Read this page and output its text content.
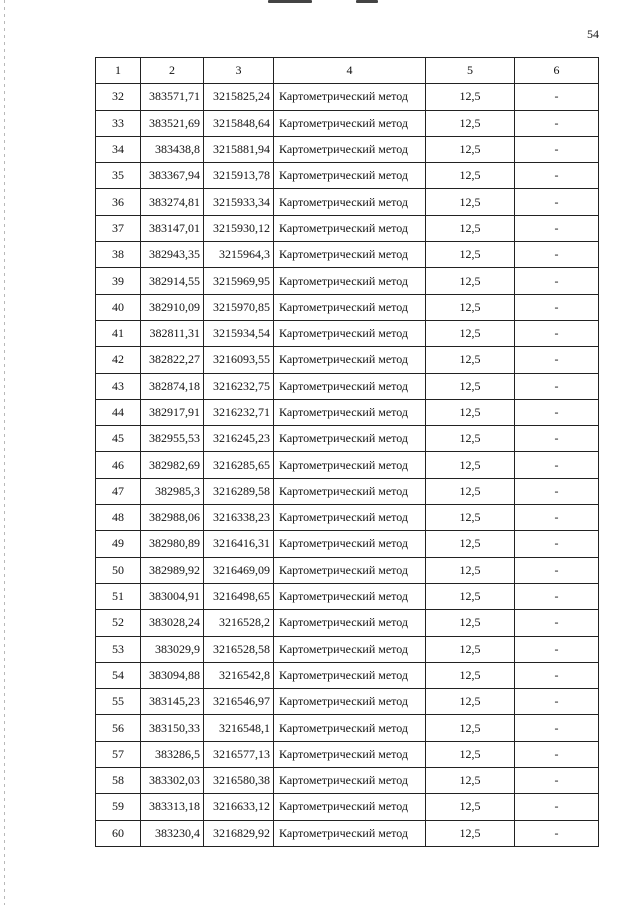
54
1	2	3	4	5	6
32	383571,71	3215825,24	Картометрический метод	12,5	-
33	383521,69	3215848,64	Картометрический метод	12,5	-
34	383438,8	3215881,94	Картометрический метод	12,5	-
35	383367,94	3215913,78	Картометрический метод	12,5	-
36	383274,81	3215933,34	Картометрический метод	12,5	-
37	383147,01	3215930,12	Картометрический метод	12,5	-
38	382943,35	3215964,3	Картометрический метод	12,5	-
39	382914,55	3215969,95	Картометрический метод	12,5	-
40	382910,09	3215970,85	Картометрический метод	12,5	-
41	382811,31	3215934,54	Картометрический метод	12,5	-
42	382822,27	3216093,55	Картометрический метод	12,5	-
43	382874,18	3216232,75	Картометрический метод	12,5	-
44	382917,91	3216232,71	Картометрический метод	12,5	-
45	382955,53	3216245,23	Картометрический метод	12,5	-
46	382982,69	3216285,65	Картометрический метод	12,5	-
47	382985,3	3216289,58	Картометрический метод	12,5	-
48	382988,06	3216338,23	Картометрический метод	12,5	-
49	382980,89	3216416,31	Картометрический метод	12,5	-
50	382989,92	3216469,09	Картометрический метод	12,5	-
51	383004,91	3216498,65	Картометрический метод	12,5	-
52	383028,24	3216528,2	Картометрический метод	12,5	-
53	383029,9	3216528,58	Картометрический метод	12,5	-
54	383094,88	3216542,8	Картометрический метод	12,5	-
55	383145,23	3216546,97	Картометрический метод	12,5	-
56	383150,33	3216548,1	Картометрический метод	12,5	-
57	383286,5	3216577,13	Картометрический метод	12,5	-
58	383302,03	3216580,38	Картометрический метод	12,5	-
59	383313,18	3216633,12	Картометрический метод	12,5	-
60	383230,4	3216829,92	Картометрический метод	12,5	-
